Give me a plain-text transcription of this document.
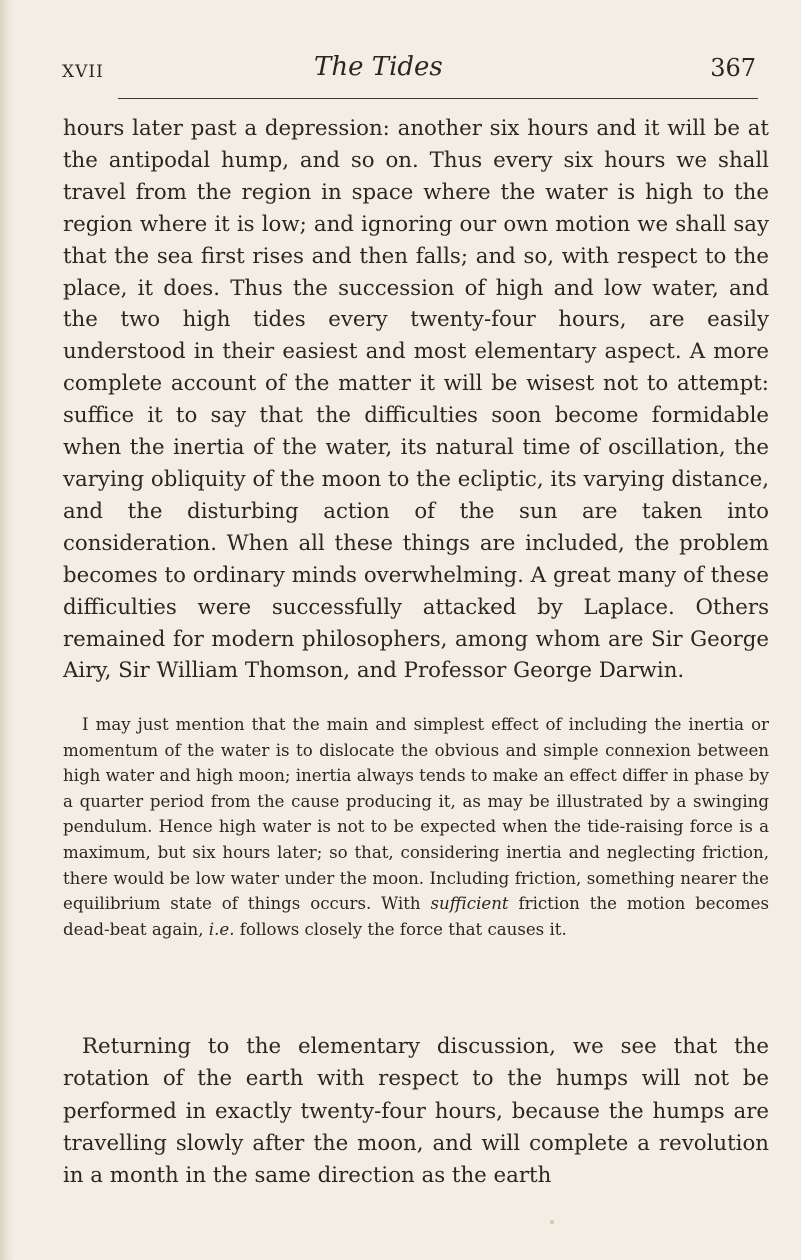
XVII	The Tides	367

hours later past a depression: another six hours and it will be at the antipodal hump, and so on. Thus every six hours we shall travel from the region in space where the water is high to the region where it is low; and ignoring our own motion we shall say that the sea first rises and then falls; and so, with respect to the place, it does. Thus the succession of high and low water, and the two high tides every twenty-four hours, are easily understood in their easiest and most elementary aspect. A more complete account of the matter it will be wisest not to attempt: suffice it to say that the difficulties soon become formidable when the inertia of the water, its natural time of oscillation, the varying obliquity of the moon to the ecliptic, its varying distance, and the disturbing action of the sun are taken into consideration. When all these things are included, the problem becomes to ordinary minds overwhelming. A great many of these difficulties were successfully attacked by Laplace. Others remained for modern philosophers, among whom are Sir George Airy, Sir William Thomson, and Professor George Darwin.

I may just mention that the main and simplest effect of including the inertia or momentum of the water is to dislocate the obvious and simple connexion between high water and high moon; inertia always tends to make an effect differ in phase by a quarter period from the cause producing it, as may be illustrated by a swinging pendulum. Hence high water is not to be expected when the tide-raising force is a maximum, but six hours later; so that, considering inertia and neglecting friction, there would be low water under the moon. Including friction, something nearer the equilibrium state of things occurs. With sufficient friction the motion becomes dead-beat again, i.e. follows closely the force that causes it.

Returning to the elementary discussion, we see that the rotation of the earth with respect to the humps will not be performed in exactly twenty-four hours, because the humps are travelling slowly after the moon, and will complete a revolution in a month in the same direction as the earth
